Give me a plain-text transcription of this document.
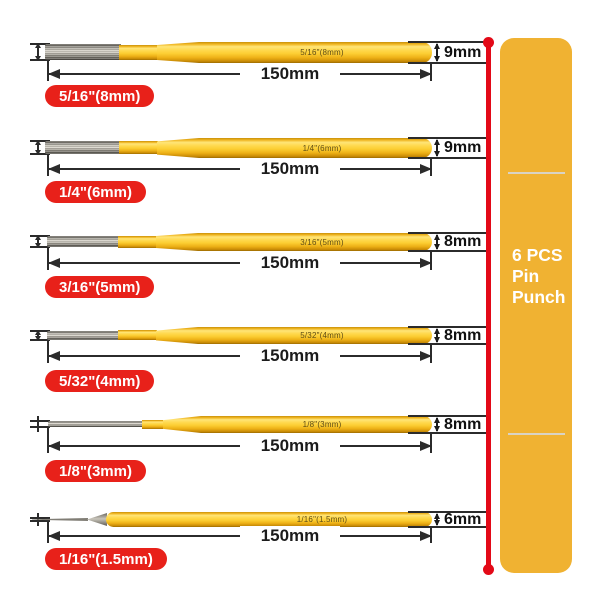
5/16"(8mm)
150mm
9mm
5/16"(8mm)
1/4"(6mm)
150mm
9mm
1/4"(6mm)
3/16"(5mm)
150mm
8mm
3/16"(5mm)
5/32"(4mm)
150mm
8mm
5/32"(4mm)
1/8"(3mm)
150mm
8mm
1/8"(3mm)
1/16"(1.5mm)
150mm
6mm
1/16"(1.5mm)
6 PCS
Pin
Punch
